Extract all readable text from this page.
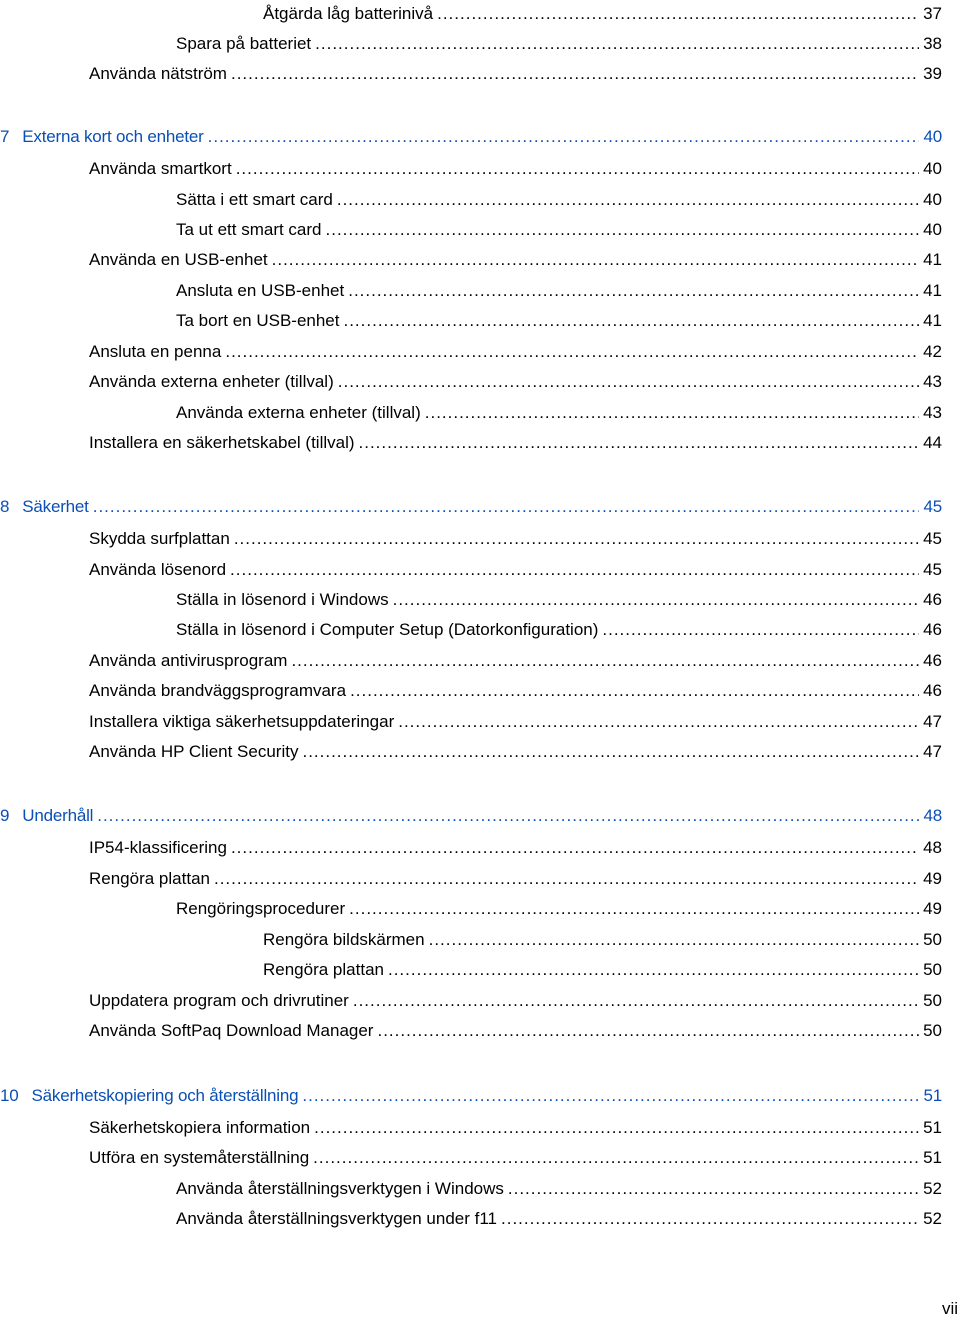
Åtgärda låg batterinivå .....	37
Spara på batteriet .....	38
Använda nätström .....	39
7 Externa kort och enheter .....	40
Använda smartkort .....	40
Sätta i ett smart card .....	40
Ta ut ett smart card .....	40
Använda en USB-enhet .....	41
Ansluta en USB-enhet .....	41
Ta bort en USB-enhet .....	41
Ansluta en penna .....	42
Använda externa enheter (tillval) .....	43
Använda externa enheter (tillval) .....	43
Installera en säkerhetskabel (tillval) .....	44
8 Säkerhet .....	45
Skydda surfplattan .....	45
Använda lösenord .....	45
Ställa in lösenord i Windows .....	46
Ställa in lösenord i Computer Setup (Datorkonfiguration) .....	46
Använda antivirusprogram .....	46
Använda brandväggsprogramvara .....	46
Installera viktiga säkerhetsuppdateringar .....	47
Använda HP Client Security .....	47
9 Underhåll .....	48
IP54-klassificering .....	48
Rengöra plattan .....	49
Rengöringsprocedurer .....	49
Rengöra bildskärmen .....	50
Rengöra plattan .....	50
Uppdatera program och drivrutiner .....	50
Använda SoftPaq Download Manager .....	50
10 Säkerhetskopiering och återställning .....	51
Säkerhetskopiera information .....	51
Utföra en systemåterställning .....	51
Använda återställningsverktygen i Windows .....	52
Använda återställningsverktygen under f11 .....	52
vii
